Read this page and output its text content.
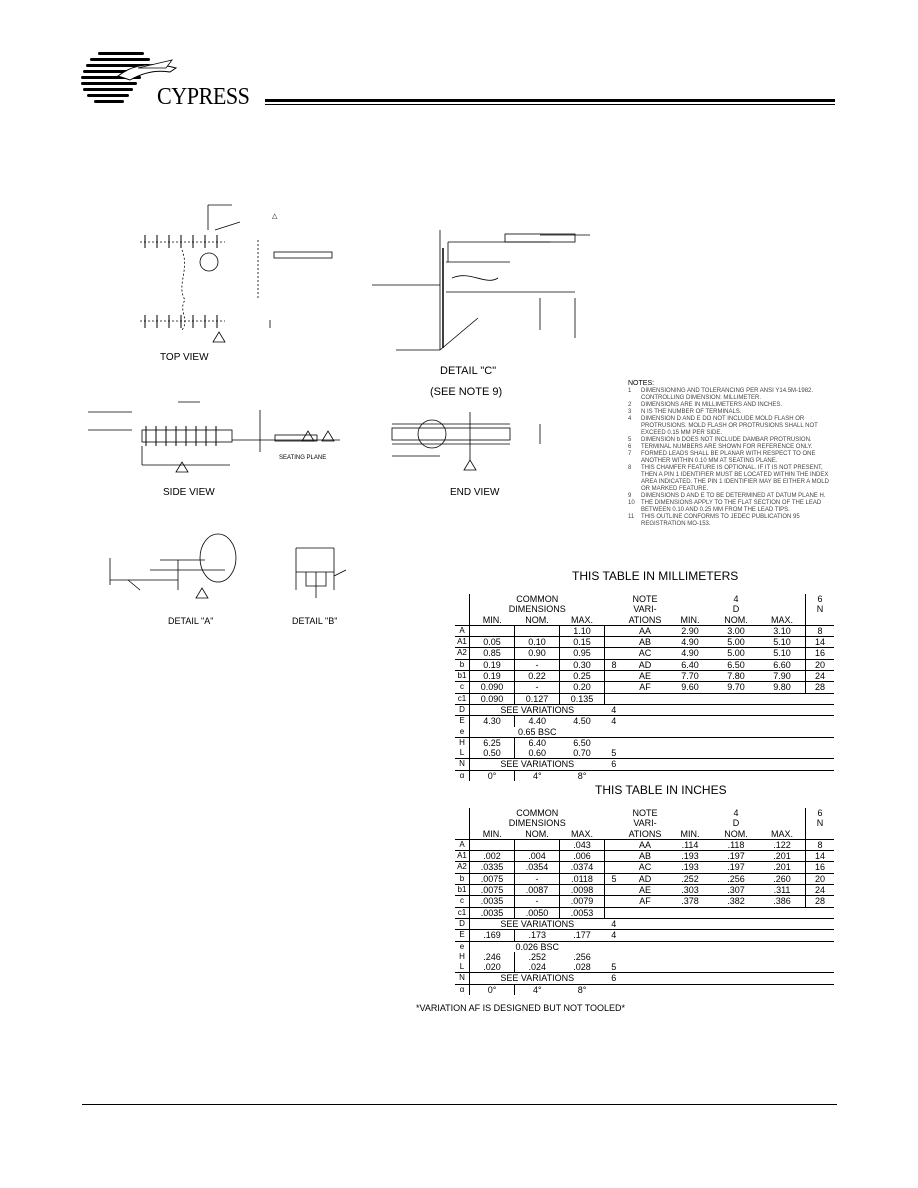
CYPRESS
△
TOP VIEW
DETAIL "C"
(SEE NOTE 9)
SIDE VIEW
SEATING PLANE
END VIEW
DETAIL "A"	DETAIL "B"
NOTES:
1	DIMENSIONING AND TOLERANCING PER ANSI Y14.5M-1982. CONTROLLING DIMENSION: MILLIMETER.
2	DIMENSIONS ARE IN MILLIMETERS AND INCHES.
3	N IS THE NUMBER OF TERMINALS.
4	DIMENSION D AND E DO NOT INCLUDE MOLD FLASH OR PROTRUSIONS. MOLD FLASH OR PROTRUSIONS SHALL NOT EXCEED 0.15 MM PER SIDE.
5	DIMENSION b DOES NOT INCLUDE DAMBAR PROTRUSION.
6	TERMINAL NUMBERS ARE SHOWN FOR REFERENCE ONLY.
7	FORMED LEADS SHALL BE PLANAR WITH RESPECT TO ONE ANOTHER WITHIN 0.10 MM AT SEATING PLANE.
8	THIS CHAMFER FEATURE IS OPTIONAL. IF IT IS NOT PRESENT, THEN A PIN 1 IDENTIFIER MUST BE LOCATED WITHIN THE INDEX AREA INDICATED. THE PIN 1 IDENTIFIER MAY BE EITHER A MOLD OR MARKED FEATURE.
9	DIMENSIONS D AND E TO BE DETERMINED AT DATUM PLANE H.
10	THE DIMENSIONS APPLY TO THE FLAT SECTION OF THE LEAD BETWEEN 0.10 AND 0.25 MM FROM THE LEAD TIPS.
11	THIS OUTLINE CONFORMS TO JEDEC PUBLICATION 95 REGISTRATION MO-153.
THIS TABLE IN MILLIMETERS
	COMMON				NOTE		4		6
	DIMENSIONS				VARI-		D		N
	MIN.	NOM.	MAX.		ATIONS	MIN.	NOM.	MAX.	
A			1.10		AA	2.90	3.00	3.10	8
A1	0.05	0.10	0.15		AB	4.90	5.00	5.10	14
A2	0.85	0.90	0.95		AC	4.90	5.00	5.10	16
b	0.19	-	0.30	8	AD	6.40	6.50	6.60	20
b1	0.19	0.22	0.25		AE	7.70	7.80	7.90	24
c	0.090	-	0.20		AF	9.60	9.70	9.80	28
c1	0.090	0.127	0.135						
D	SEE VARIATIONS			4					
E	4.30	4.40	4.50	4					
e	0.65 BSC								
H	6.25	6.40	6.50						
L	0.50	0.60	0.70	5					
N	SEE VARIATIONS			6					
α	0°	4°	8°						
THIS TABLE IN INCHES
	COMMON				NOTE		4		6
	DIMENSIONS				VARI-		D		N
	MIN.	NOM.	MAX.		ATIONS	MIN.	NOM.	MAX.	
A			.043		AA	.114	.118	.122	8
A1	.002	.004	.006		AB	.193	.197	.201	14
A2	.0335	.0354	.0374		AC	.193	.197	.201	16
b	.0075	-	.0118	5	AD	.252	.256	.260	20
b1	.0075	.0087	.0098		AE	.303	.307	.311	24
c	.0035	-	.0079		AF	.378	.382	.386	28
c1	.0035	.0050	.0053						
D	SEE VARIATIONS			4					
E	.169	.173	.177	4					
e	0.026 BSC								
H	.246	.252	.256						
L	.020	.024	.028	5					
N	SEE VARIATIONS			6					
α	0°	4°	8°						
*VARIATION AF IS DESIGNED BUT NOT TOOLED*
